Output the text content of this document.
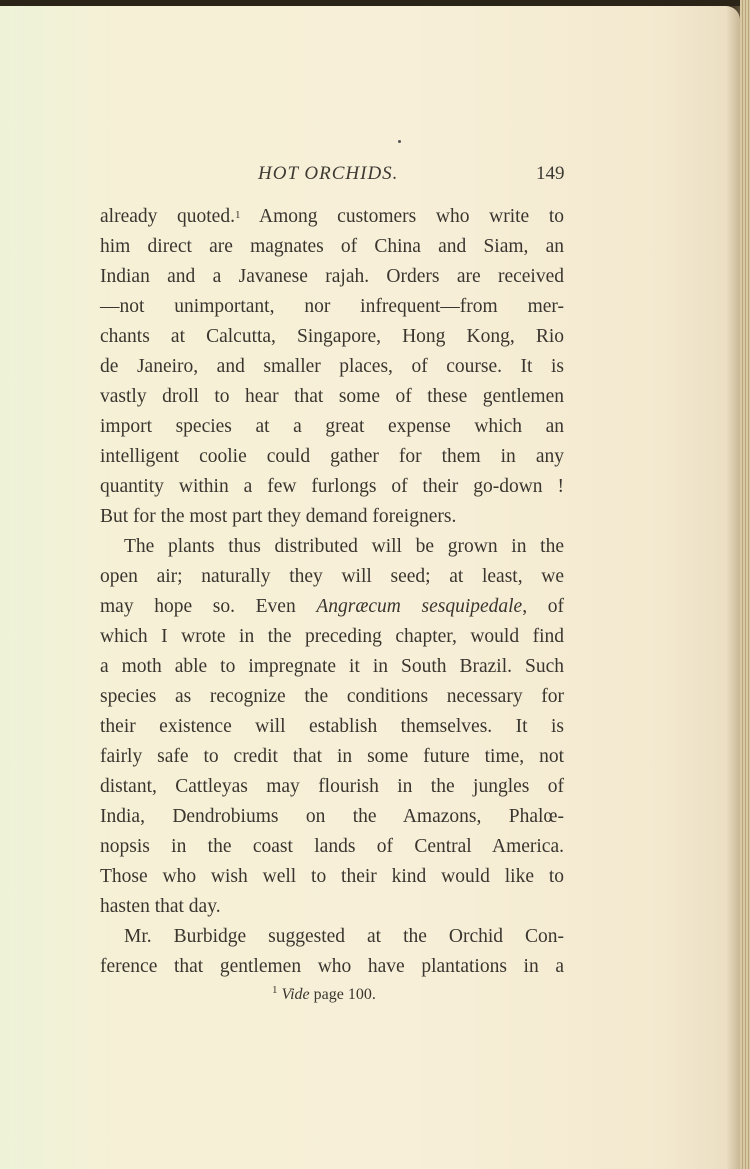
HOT ORCHIDS.	149
already quoted.$^1$ Among customers who write to
him direct are magnates of China and Siam, an
Indian and a Javanese rajah. Orders are received
—not unimportant, nor infrequent—from mer-
chants at Calcutta, Singapore, Hong Kong, Rio
de Janeiro, and smaller places, of course. It is
vastly droll to hear that some of these gentlemen
import species at a great expense which an
intelligent coolie could gather for them in any
quantity within a few furlongs of their go-down !
But for the most part they demand foreigners.
The plants thus distributed will be grown in the
open air; naturally they will seed; at least, we
may hope so. Even Angræcum sesquipedale, of
which I wrote in the preceding chapter, would find
a moth able to impregnate it in South Brazil. Such
species as recognize the conditions necessary for
their existence will establish themselves. It is
fairly safe to credit that in some future time, not
distant, Cattleyas may flourish in the jungles of
India, Dendrobiums on the Amazons, Phalœ-
nopsis in the coast lands of Central America.
Those who wish well to their kind would like to
hasten that day.
Mr. Burbidge suggested at the Orchid Con-
ference that gentlemen who have plantations in a
$^1$ Vide page 100.
